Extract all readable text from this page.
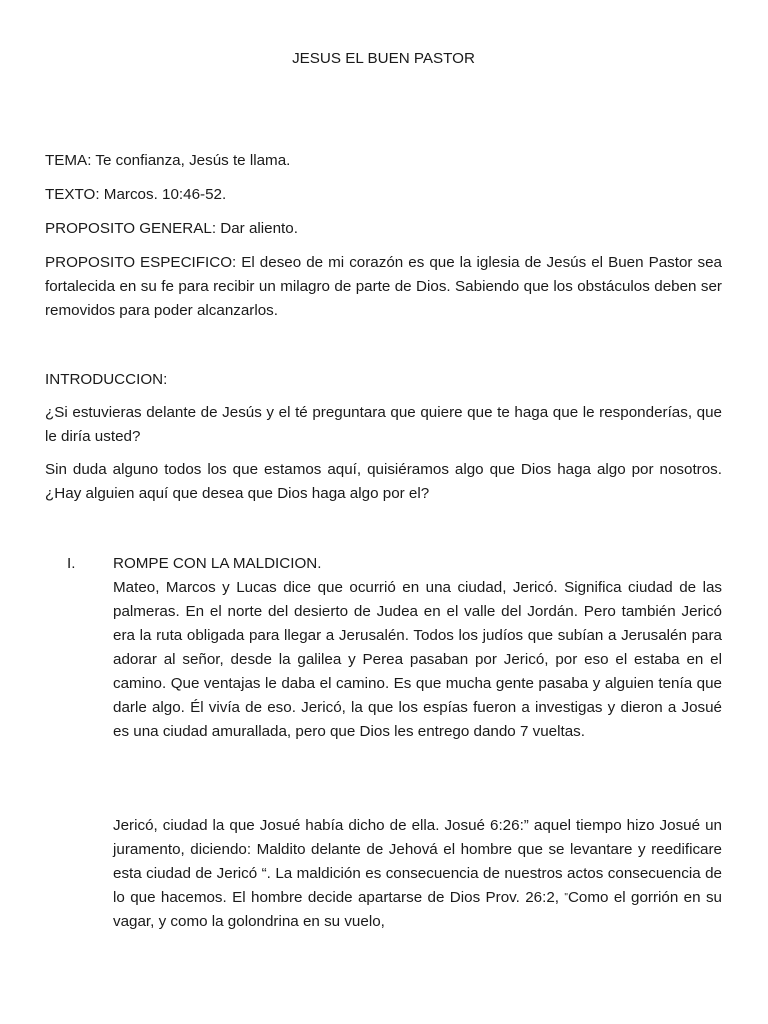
JESUS EL BUEN PASTOR

TEMA: Te confianza, Jesús te llama.

TEXTO: Marcos. 10:46-52.

PROPOSITO GENERAL: Dar aliento.

PROPOSITO ESPECIFICO: El deseo de mi corazón es que la iglesia de Jesús el Buen Pastor sea fortalecida en su fe para recibir un milagro de parte de Dios. Sabiendo que los obstáculos deben ser removidos para poder alcanzarlos.

INTRODUCCION:

¿Si estuvieras delante de Jesús y el té preguntara que quiere que te haga que le responderías, que le diría usted?

Sin duda alguno todos los que estamos aquí, quisiéramos algo que Dios haga algo por nosotros. ¿Hay alguien aquí que desea que Dios haga algo por el?

I. ROMPE CON LA MALDICION.

Mateo, Marcos y Lucas dice que ocurrió en una ciudad, Jericó. Significa ciudad de las palmeras. En el norte del desierto de Judea en el valle del Jordán. Pero también Jericó era la ruta obligada para llegar a Jerusalén. Todos los judíos que subían a Jerusalén para adorar al señor, desde la galilea y Perea pasaban por Jericó, por eso el estaba en el camino. Que ventajas le daba el camino. Es que mucha gente pasaba y alguien tenía que darle algo. Él vivía de eso. Jericó, la que los espías fueron a investigas y dieron a Josué es una ciudad amurallada, pero que Dios les entrego dando 7 vueltas.

Jericó, ciudad la que Josué había dicho de ella. Josué 6:26:” aquel tiempo hizo Josué un juramento, diciendo: Maldito delante de Jehová el hombre que se levantare y reedificare esta ciudad de Jericó “. La maldición es consecuencia de nuestros actos consecuencia de lo que hacemos. El hombre decide apartarse de Dios Prov. 26:2, "Como el gorrión en su vagar, y como la golondrina en su vuelo,
